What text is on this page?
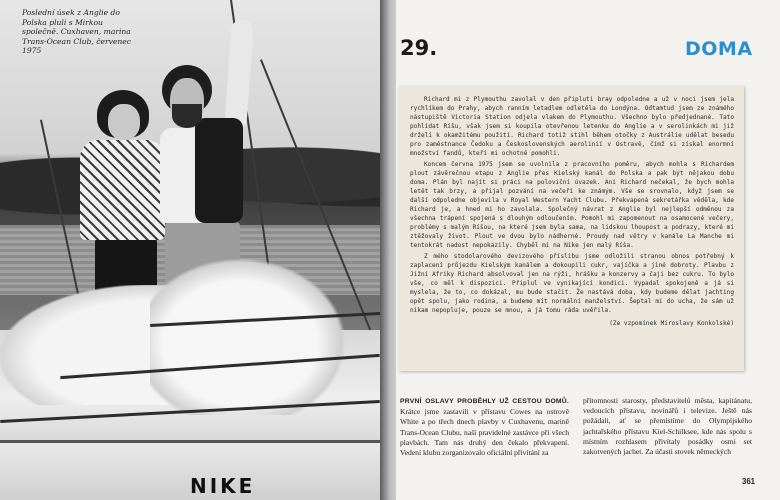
NIKE
Poslední úsek z Anglie do Polska pluli s Mirkou společně. Cuxhaven, marina Trans-Ocean Club, červenec 1975	29.	DOMA

Richard mi z Plymouthu zavolal v den připluti bray odpoledne a už v noci jsem jela rychlíkem do Prahy, abych ranním letadlem odletěla do Londýna. Odtamtud jsem ze známého nástupiště Victoria Station odjela vlakem do Plymouthu. Všechno bylo předjednané. Tato pohlídat Ríšu, však jsem si koupila otevřenou letenku do Anglie a v serolinkách mi již drželi k okamžitému použití. Richard totiž stihl během otočky z Austrálie udělat besedu pro zaměstnance Čedoku a Československých aerolinií v Ostravě, čímž si získal enormní množství fandů, kteří mi ochotně pomohli.

Koncem června 1975 jsem se uvolnila z pracovního poměru, abych mohla s Richardem plout závěrečnou etapu z Anglie přes Kielský kanál do Polska a pak být nějakou dobu doma. Plán byl najít si práci na poloviční úvazek. Ani Richard nečekal, že bych mohla letět tak brzy, a přijal pozvání na večeří ke známým. Vše se srovnalo, když jsem se další odpoledne objevila v Royal Western Yacht Clubu. Překvapená sekretářka věděla, kde Richard je, a hned mi ho zavolala. Společný návrat z Anglie byl nejlepší odměnou za všechna trápení spojená s dlouhým odloučením. Pomohl mi zapomenout na osamocené večery, problémy s malým Ríšou, na které jsem byla sama, na lidskou lhoupost a podrazy, které mi ztěžovaly život. Plout ve dvou bylo nádherné. Proudy nad větry v kanále La Manche mi tentokrát nadost nepokazily. Chyběl mi na Nike jen malý Ríša.

Z mého stodolarového devizového příslibu jsme odložili stranou obnos potřebný k zaplacení průjezdu Kielským kanálem a dokoupili cukr, vajíčka a jiné dobroty. Plavbu z Jižní Afriky Richard absolvoval jen na rýži, hrášku a konzervy a čaji bez cukru. To bylo vše, co měl k dispozici. Připlul ve vynikající kondici. Vypadal spokojeně a já si myslela, že to, co dokázal, mu bude stačit. Že nastává doba, kdy budeme dělat jachting opět spolu, jako rodina, a budeme mít normální manželství. Šeptal mi do ucha, že sám už nikam nepopluje, pouze se mnou, a já tomu ráda uvěřila.

(Ze vzpomínek Miroslavy Konkolské)

PRVNÍ OSLAVY PROBĚHLY UŽ CESTOU DOMŮ. Krátce jsme zastavili v přístavu Cowes na ostrově White a po třech dnech plavby v Cuxhavenu, marině Trans-Ocean Clubu, naší pravidelné zastávce při všech plavbách. Tam nás druhý den čekalo překvapení. Vedení klubu zorganizovalo oficiální přivítání za

přítomnosti starosty, představitelů města, kapitánatu, vedoucích přístavu, novinářů i televize. Ještě nás požádali, ať se přemístíme do Olympijského jachtařského přístavu Kiel-Schilksee, kde nás spolu s místním rozhlasem přivítaly posádky osmi set zakotvených jachet. Za účasti stovek německých

361
